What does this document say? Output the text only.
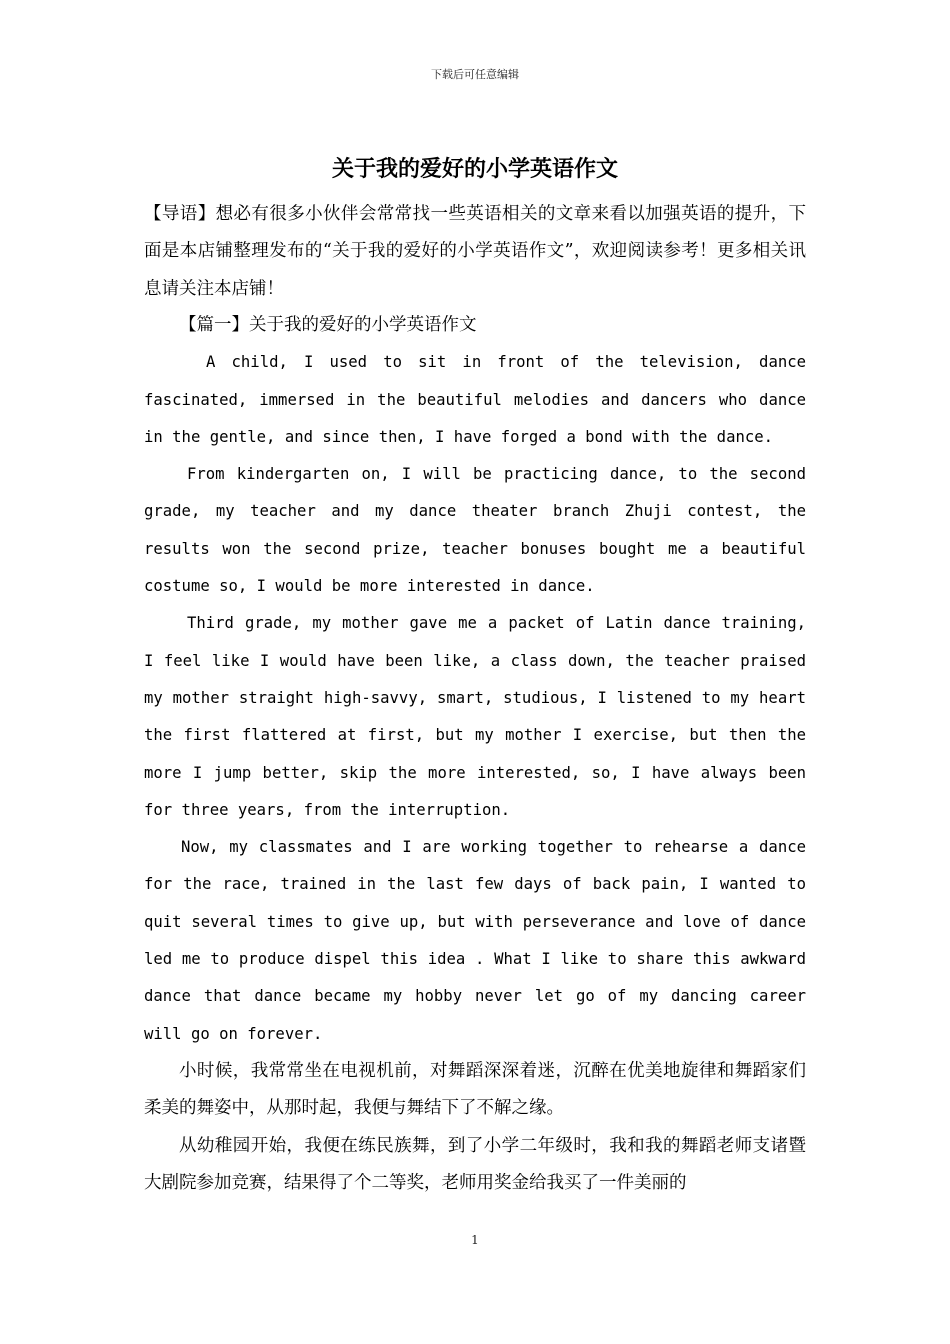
下载后可任意编辑
关于我的爱好的小学英语作文

【导语】想必有很多小伙伴会常常找一些英语相关的文章来看以加强英语的提升，下面是本店铺整理发布的“关于我的爱好的小学英语作文”，欢迎阅读参考！更多相关讯息请关注本店铺！

【篇一】关于我的爱好的小学英语作文

A child, I used to sit in front of the television, dance fascinated, immersed in the beautiful melodies and dancers who dance in the gentle, and since then, I have forged a bond with the dance.

From kindergarten on, I will be practicing dance, to the second grade, my teacher and my dance theater branch Zhuji contest, the results won the second prize, teacher bonuses bought me a beautiful costume so, I would be more interested in dance.

Third grade, my mother gave me a packet of Latin dance training, I feel like I would have been like, a class down, the teacher praised my mother straight high-savvy, smart, studious, I listened to my heart the first flattered at first, but my mother I exercise, but then the more I jump better, skip the more interested, so, I have always been for three years, from the interruption.

Now, my classmates and I are working together to rehearse a dance for the race, trained in the last few days of back pain, I wanted to quit several times to give up, but with perseverance and love of dance led me to produce dispel this idea . What I like to share this awkward dance that dance became my hobby never let go of my dancing career will go on forever.

小时候，我常常坐在电视机前，对舞蹈深深着迷，沉醉在优美地旋律和舞蹈家们柔美的舞姿中，从那时起，我便与舞结下了不解之缘。

从幼稚园开始，我便在练民族舞，到了小学二年级时，我和我的舞蹈老师支诸暨大剧院参加竞赛，结果得了个二等奖，老师用奖金给我买了一件美丽的

1
